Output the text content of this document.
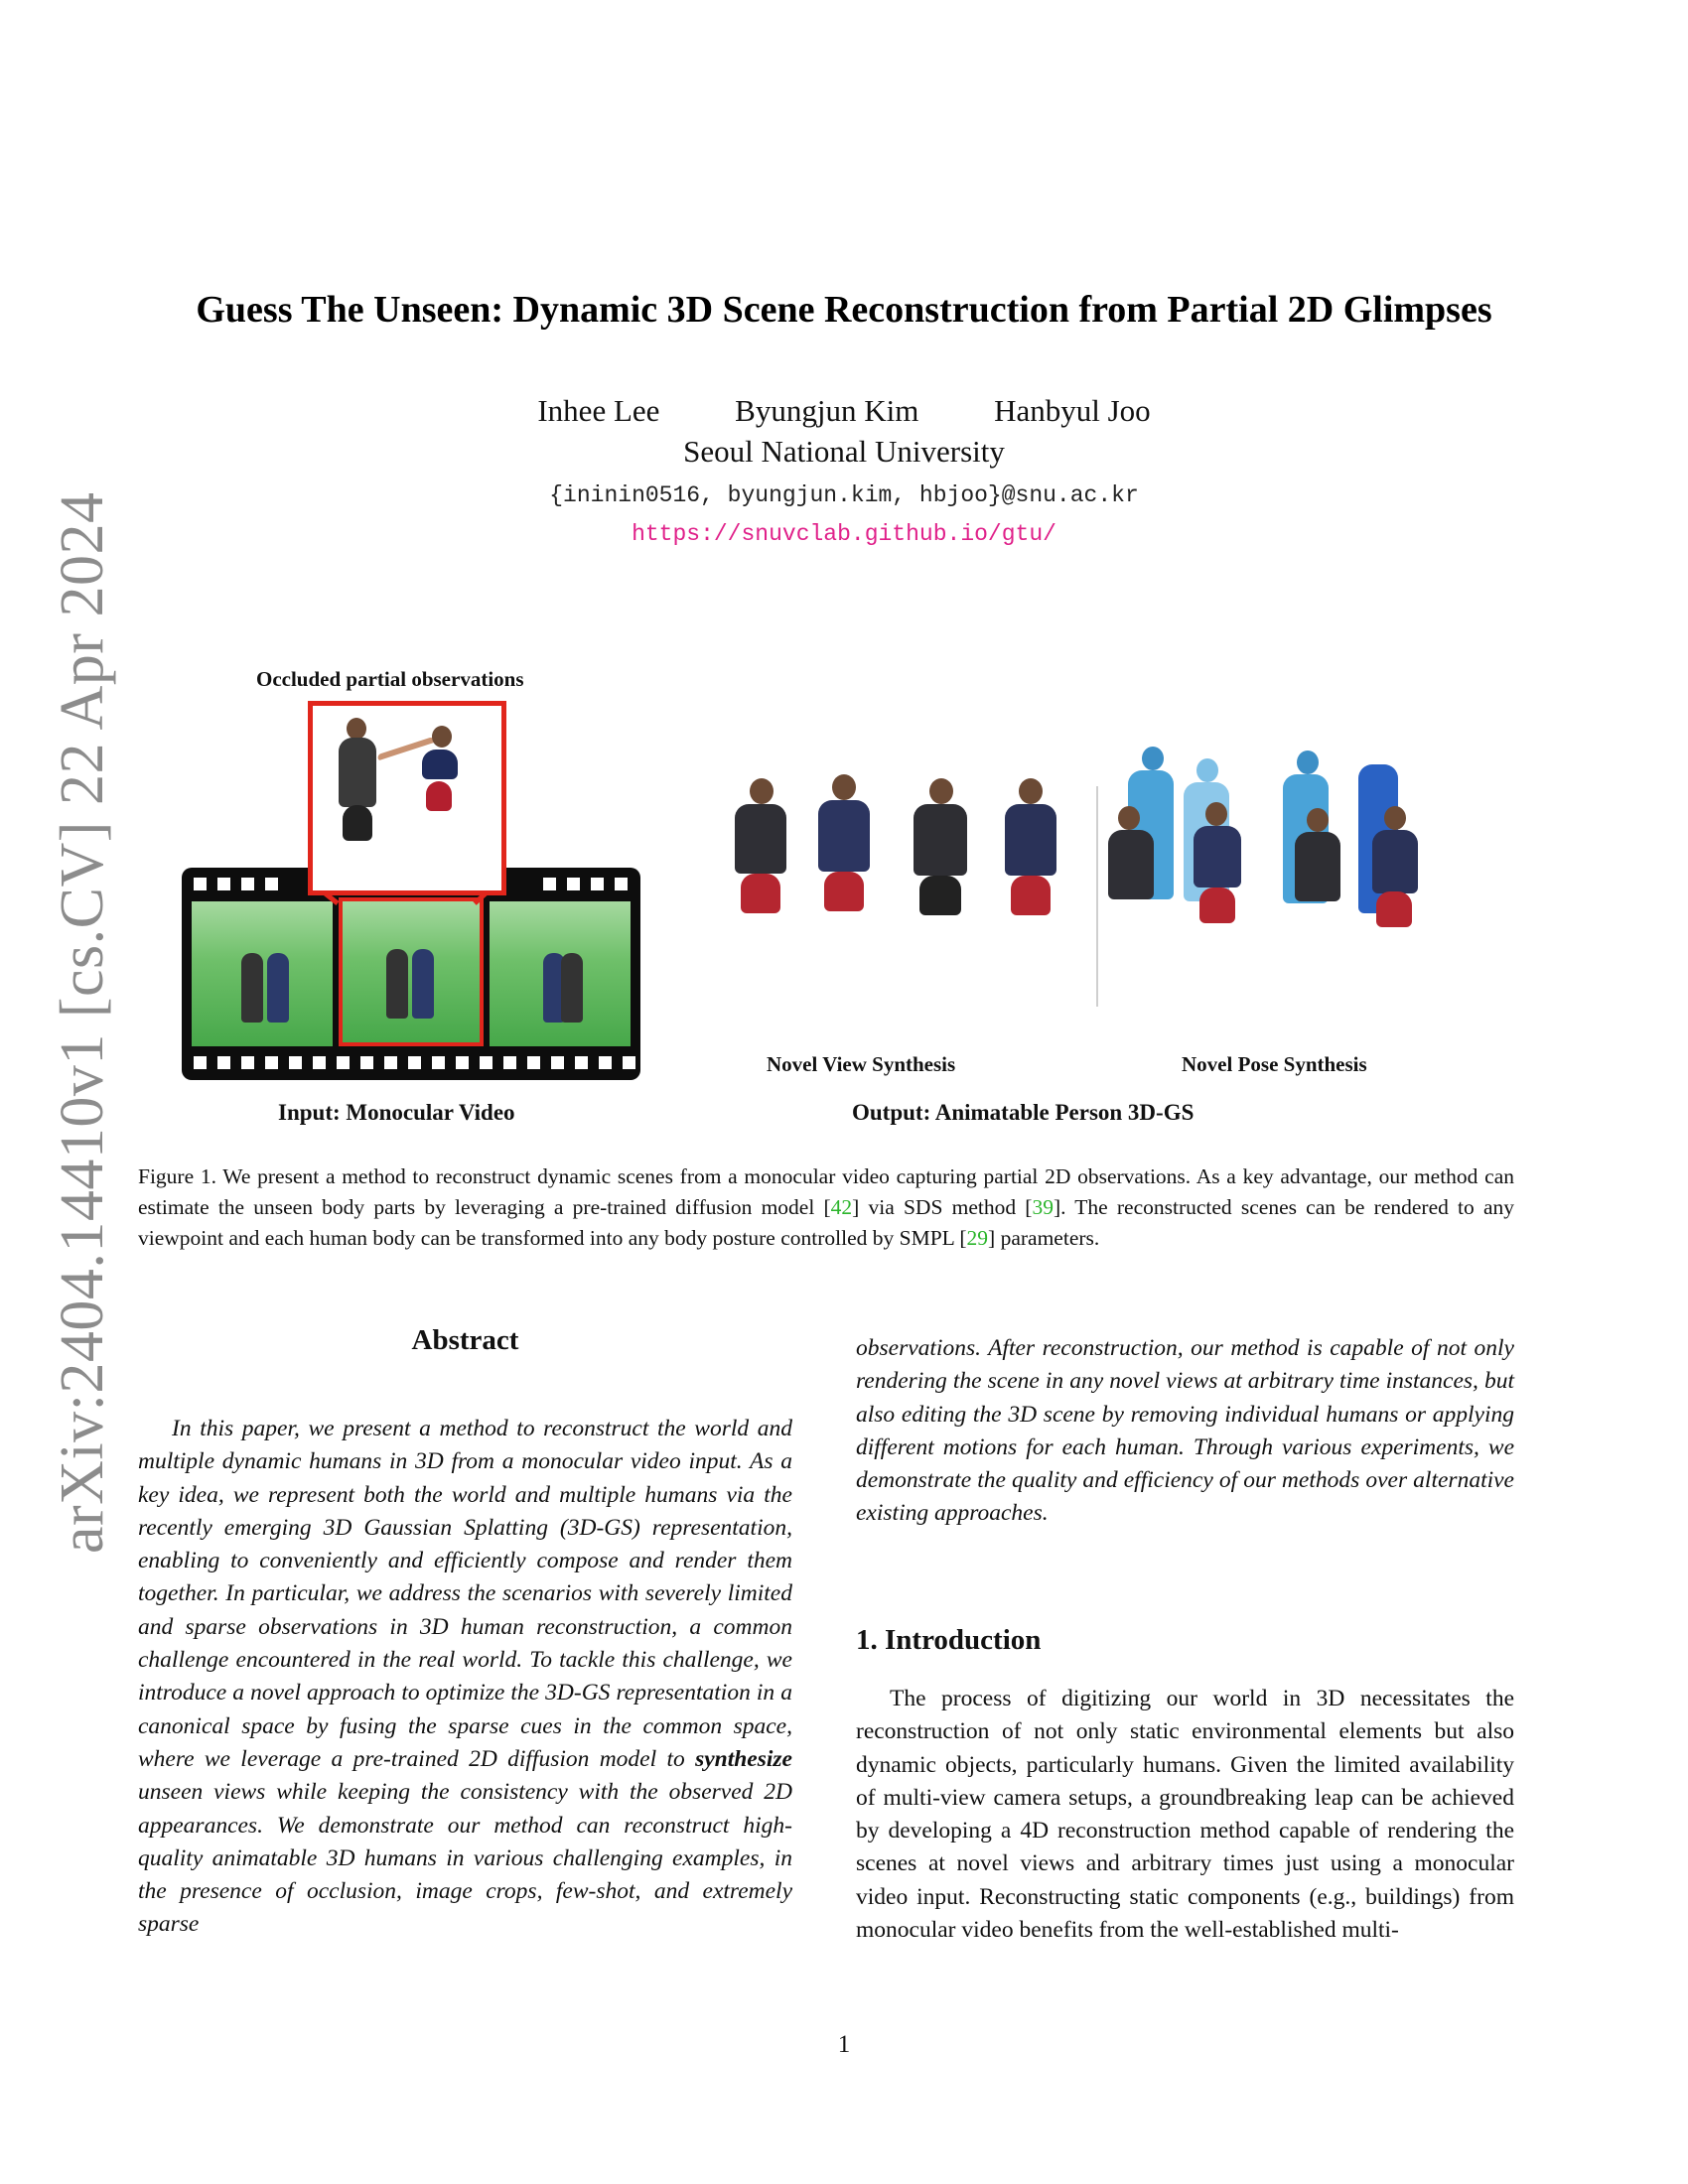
arXiv:2404.14410v1 [cs.CV] 22 Apr 2024
Guess The Unseen: Dynamic 3D Scene Reconstruction from Partial 2D Glimpses
Inhee Lee Byungjun Kim Hanbyul Joo
Seoul National University
{ininin0516, byungjun.kim, hbjoo}@snu.ac.kr
https://snuvclab.github.io/gtu/
Occluded partial observations
Input: Monocular Video
Novel View Synthesis	Novel Pose Synthesis
Output: Animatable Person 3D-GS
Figure 1. We present a method to reconstruct dynamic scenes from a monocular video capturing partial 2D observations. As a key advantage, our method can estimate the unseen body parts by leveraging a pre-trained diffusion model [42] via SDS method [39]. The reconstructed scenes can be rendered to any viewpoint and each human body can be transformed into any body posture controlled by SMPL [29] parameters.
Abstract
In this paper, we present a method to reconstruct the world and multiple dynamic humans in 3D from a monocular video input. As a key idea, we represent both the world and multiple humans via the recently emerging 3D Gaussian Splatting (3D-GS) representation, enabling to conveniently and efficiently compose and render them together. In particular, we address the scenarios with severely limited and sparse observations in 3D human reconstruction, a common challenge encountered in the real world. To tackle this challenge, we introduce a novel approach to optimize the 3D-GS representation in a canonical space by fusing the sparse cues in the common space, where we leverage a pre-trained 2D diffusion model to synthesize unseen views while keeping the consistency with the observed 2D appearances. We demonstrate our method can reconstruct high-quality animatable 3D humans in various challenging examples, in the presence of occlusion, image crops, few-shot, and extremely sparse
observations. After reconstruction, our method is capable of not only rendering the scene in any novel views at arbitrary time instances, but also editing the 3D scene by removing individual humans or applying different motions for each human. Through various experiments, we demonstrate the quality and efficiency of our methods over alternative existing approaches.
1. Introduction
The process of digitizing our world in 3D necessitates the reconstruction of not only static environmental elements but also dynamic objects, particularly humans. Given the limited availability of multi-view camera setups, a groundbreaking leap can be achieved by developing a 4D reconstruction method capable of rendering the scenes at novel views and arbitrary times just using a monocular video input. Reconstructing static components (e.g., buildings) from monocular video benefits from the well-established multi-
1
